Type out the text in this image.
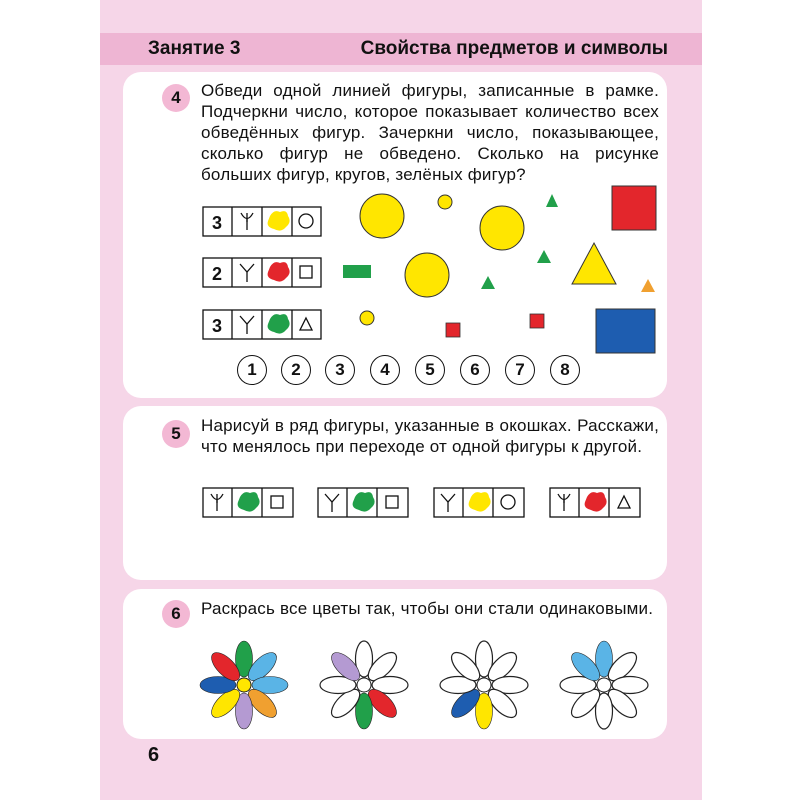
Занятие 3	Свойства предметов и символы
4	Обведи одной линией фигуры, записанные в рамке. Подчеркни число, которое показывает количество всех обведённых фигур. Зачеркни число, показывающее, сколько фигур не обведено. Сколько на рисунке больших фигур, кругов, зелёных фигур?
3
2
3
1	2	3	4	5	6	7	8
5	Нарисуй в ряд фигуры, указанные в окошках. Расскажи, что менялось при переходе от одной фигуры к другой.
6	Раскрась все цветы так, чтобы они стали одинаковыми.
6
